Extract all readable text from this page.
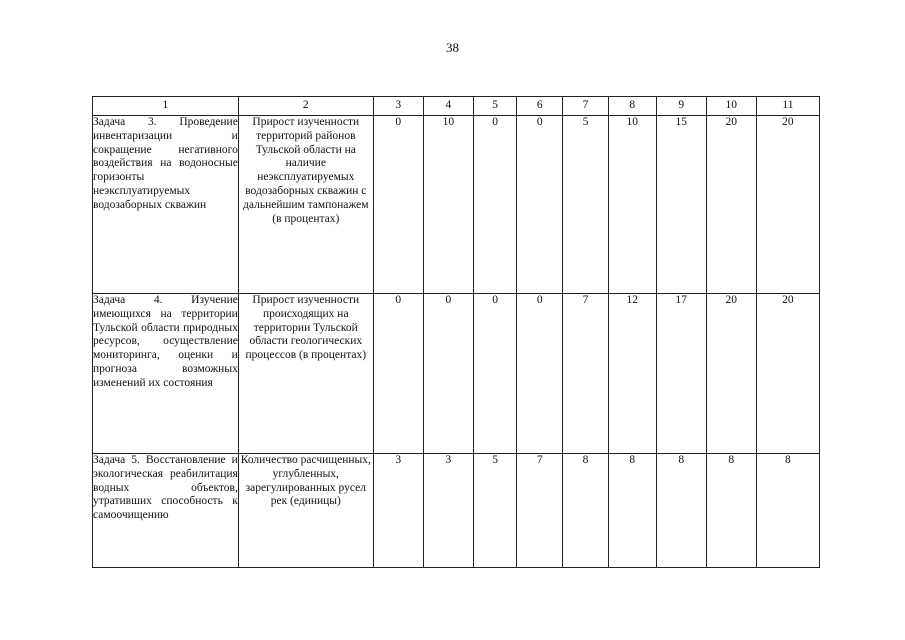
38
1	2	3	4	5	6	7	8	9	10	11
Задача 3. Проведение инвентаризации и сокращение негативного воздействия на водоносные горизонты неэксплуатируемых водозаборных скважин	Прирост изученности территорий районов Тульской области на наличие неэксплуатируемых водозаборных скважин с дальнейшим тампонажем (в процентах)	0	10	0	0	5	10	15	20	20
Задача 4. Изучение имеющихся на территории Тульской области природных ресурсов, осуществление мониторинга, оценки и прогноза возможных изменений их состояния	Прирост изученности происходящих на территории Тульской области геологических процессов (в процентах)	0	0	0	0	7	12	17	20	20
Задача 5. Восстановление и экологическая реабилитация водных объектов, утративших способность к самоочищению	Количество расчищенных, углубленных, зарегулированных русел рек (единицы)	3	3	5	7	8	8	8	8	8
